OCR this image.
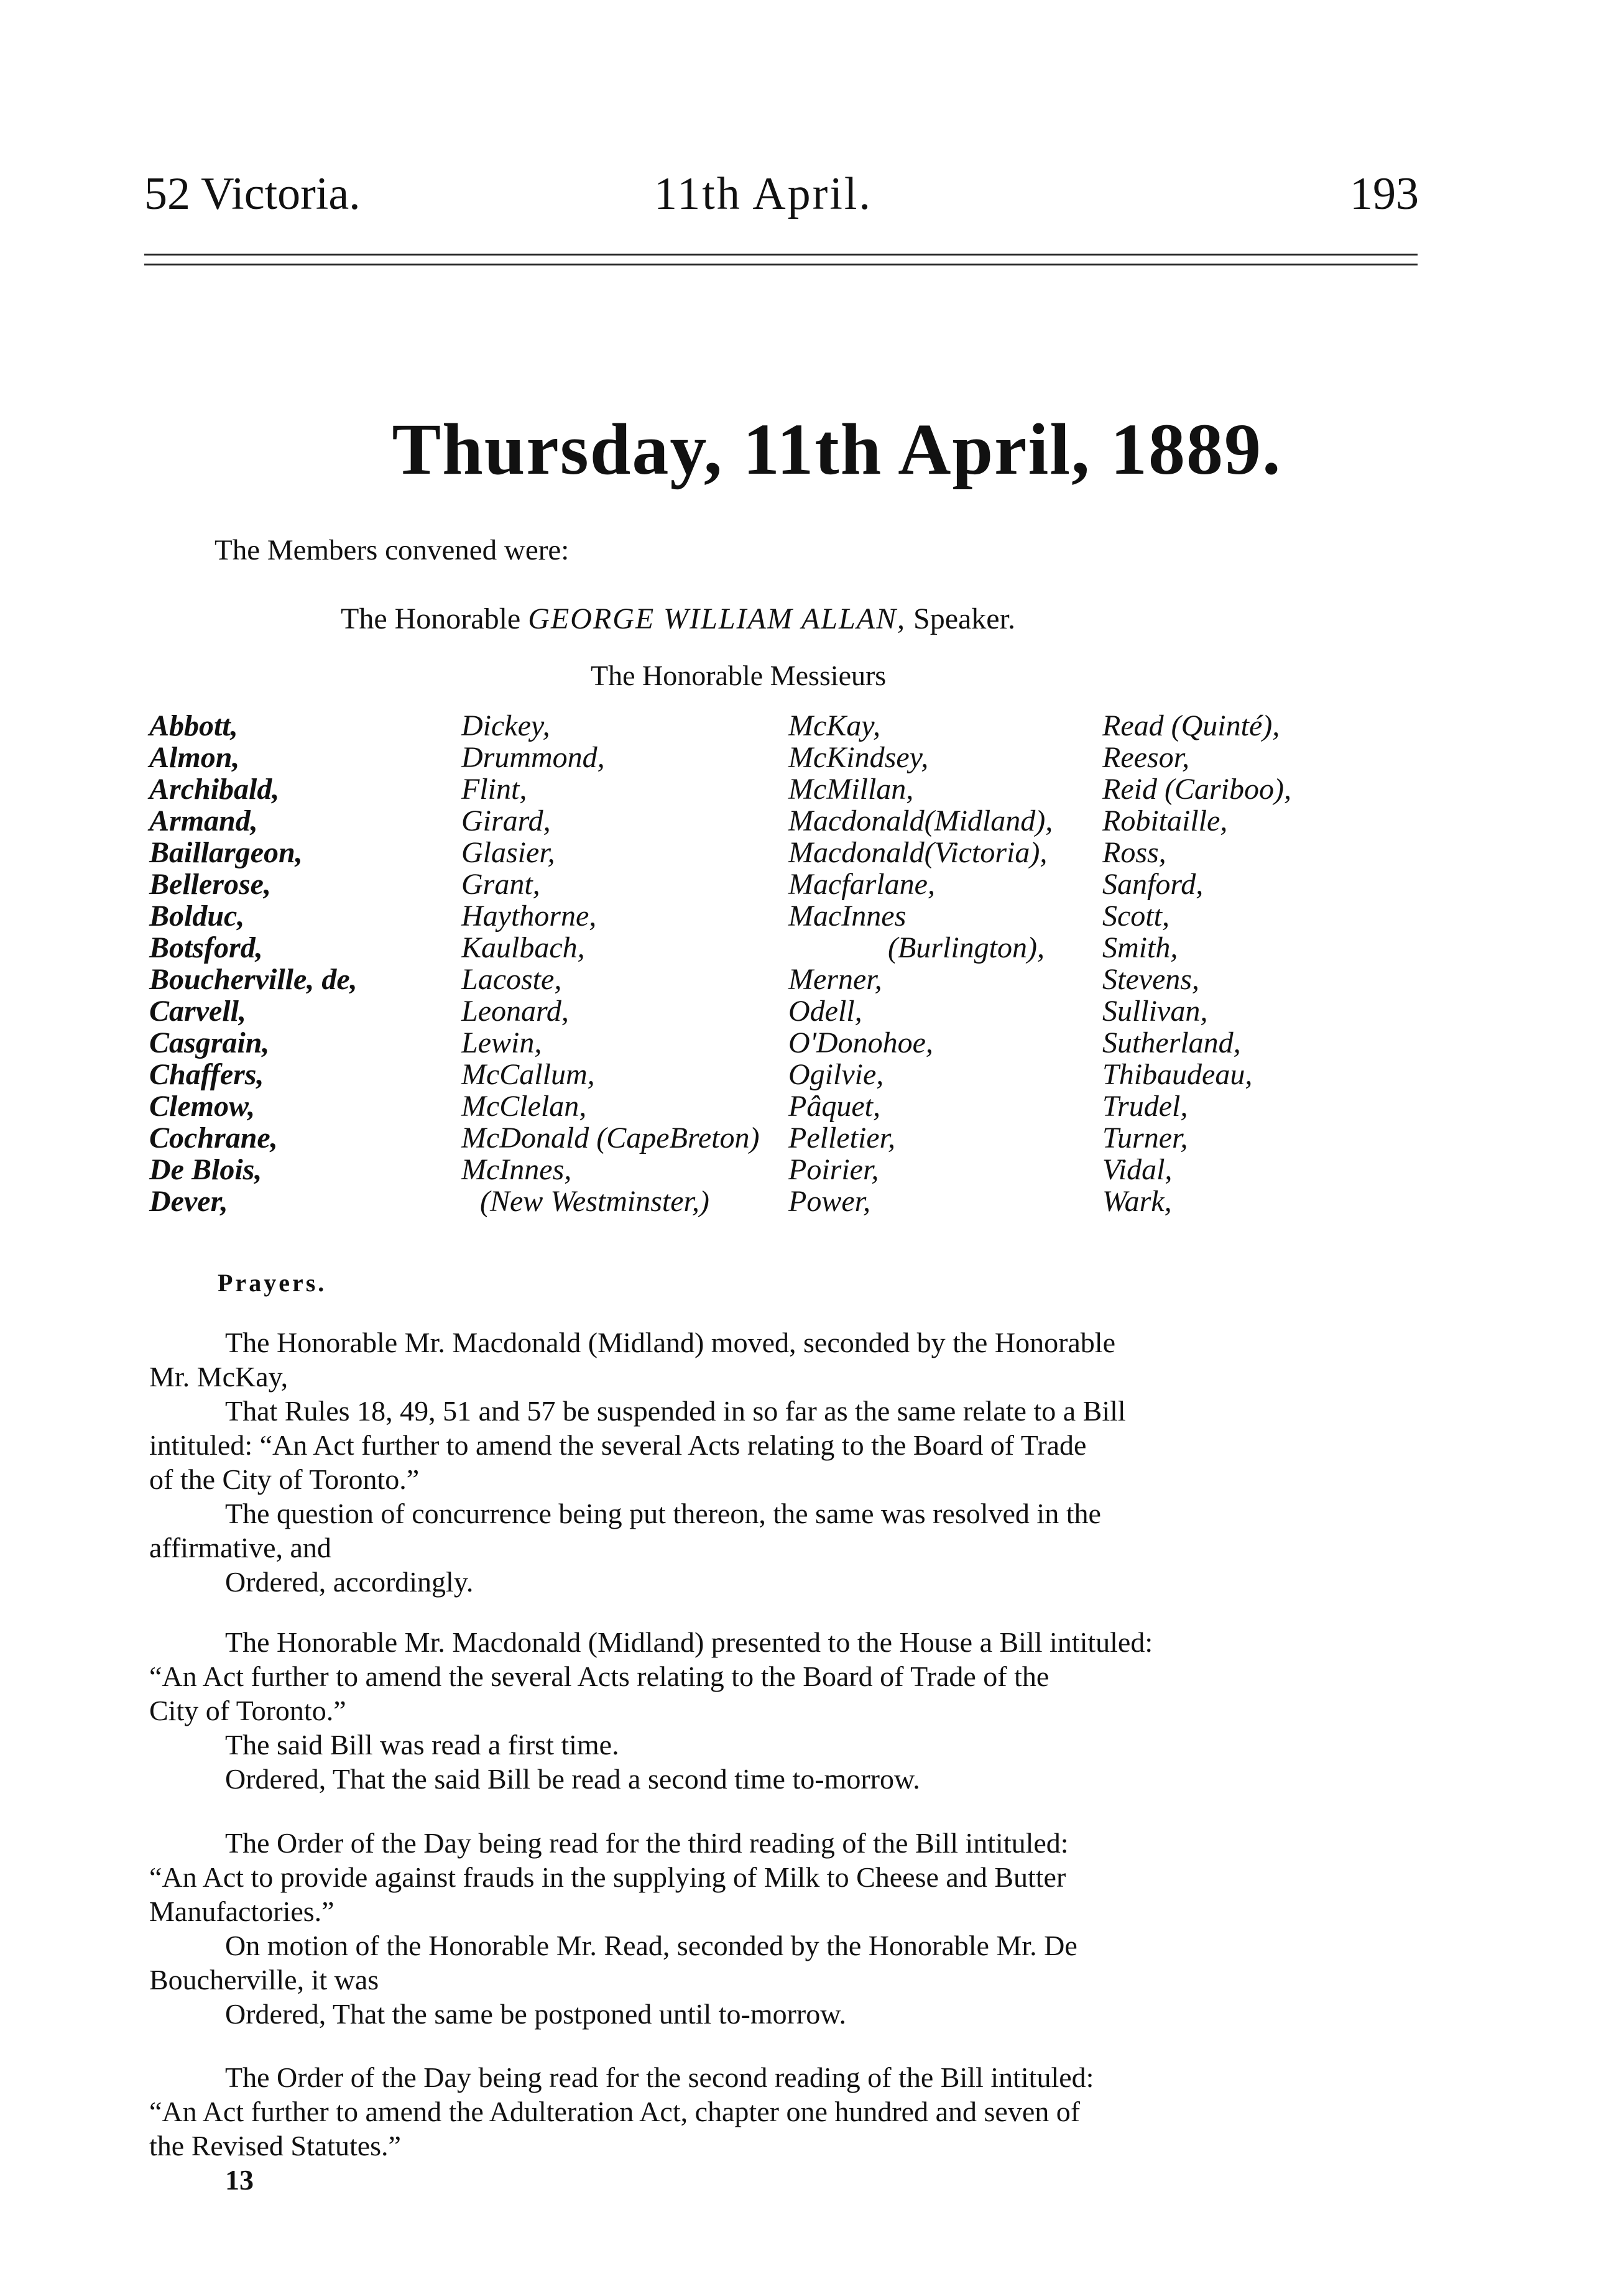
52 Victoria.	11th April.	193
Thursday, 11th April, 1889.
The Members convened were:
The Honorable GEORGE WILLIAM ALLAN, Speaker.
The Honorable Messieurs
Abbott,
Almon,
Archibald,
Armand,
Baillargeon,
Bellerose,
Bolduc,
Botsford,
Boucherville, de,
Carvell,
Casgrain,
Chaffers,
Clemow,
Cochrane,
De Blois,
Dever,
Dickey,
Drummond,
Flint,
Girard,
Glasier,
Grant,
Haythorne,
Kaulbach,
Lacoste,
Leonard,
Lewin,
McCallum,
McClelan,
McDonald (CapeBreton)
McInnes,
(New Westminster,)
McKay,
McKindsey,
McMillan,
Macdonald(Midland),
Macdonald(Victoria),
Macfarlane,
MacInnes
(Burlington),
Merner,
Odell,
O'Donohoe,
Ogilvie,
Pâquet,
Pelletier,
Poirier,
Power,
Read (Quinté),
Reesor,
Reid (Cariboo),
Robitaille,
Ross,
Sanford,
Scott,
Smith,
Stevens,
Sullivan,
Sutherland,
Thibaudeau,
Trudel,
Turner,
Vidal,
Wark,
Prayers.
The Honorable Mr. Macdonald (Midland) moved, seconded by the Honorable
Mr. McKay,
That Rules 18, 49, 51 and 57 be suspended in so far as the same relate to a Bill
intituled: “An Act further to amend the several Acts relating to the Board of Trade
of the City of Toronto.”
The question of concurrence being put thereon, the same was resolved in the
affirmative, and
Ordered, accordingly.
The Honorable Mr. Macdonald (Midland) presented to the House a Bill intituled:
“An Act further to amend the several Acts relating to the Board of Trade of the
City of Toronto.”
The said Bill was read a first time.
Ordered, That the said Bill be read a second time to-morrow.
The Order of the Day being read for the third reading of the Bill intituled:
“An Act to provide against frauds in the supplying of Milk to Cheese and Butter
Manufactories.”
On motion of the Honorable Mr. Read, seconded by the Honorable Mr. De
Boucherville, it was
Ordered, That the same be postponed until to-morrow.
The Order of the Day being read for the second reading of the Bill intituled:
“An Act further to amend the Adulteration Act, chapter one hundred and seven of
the Revised Statutes.”
13
